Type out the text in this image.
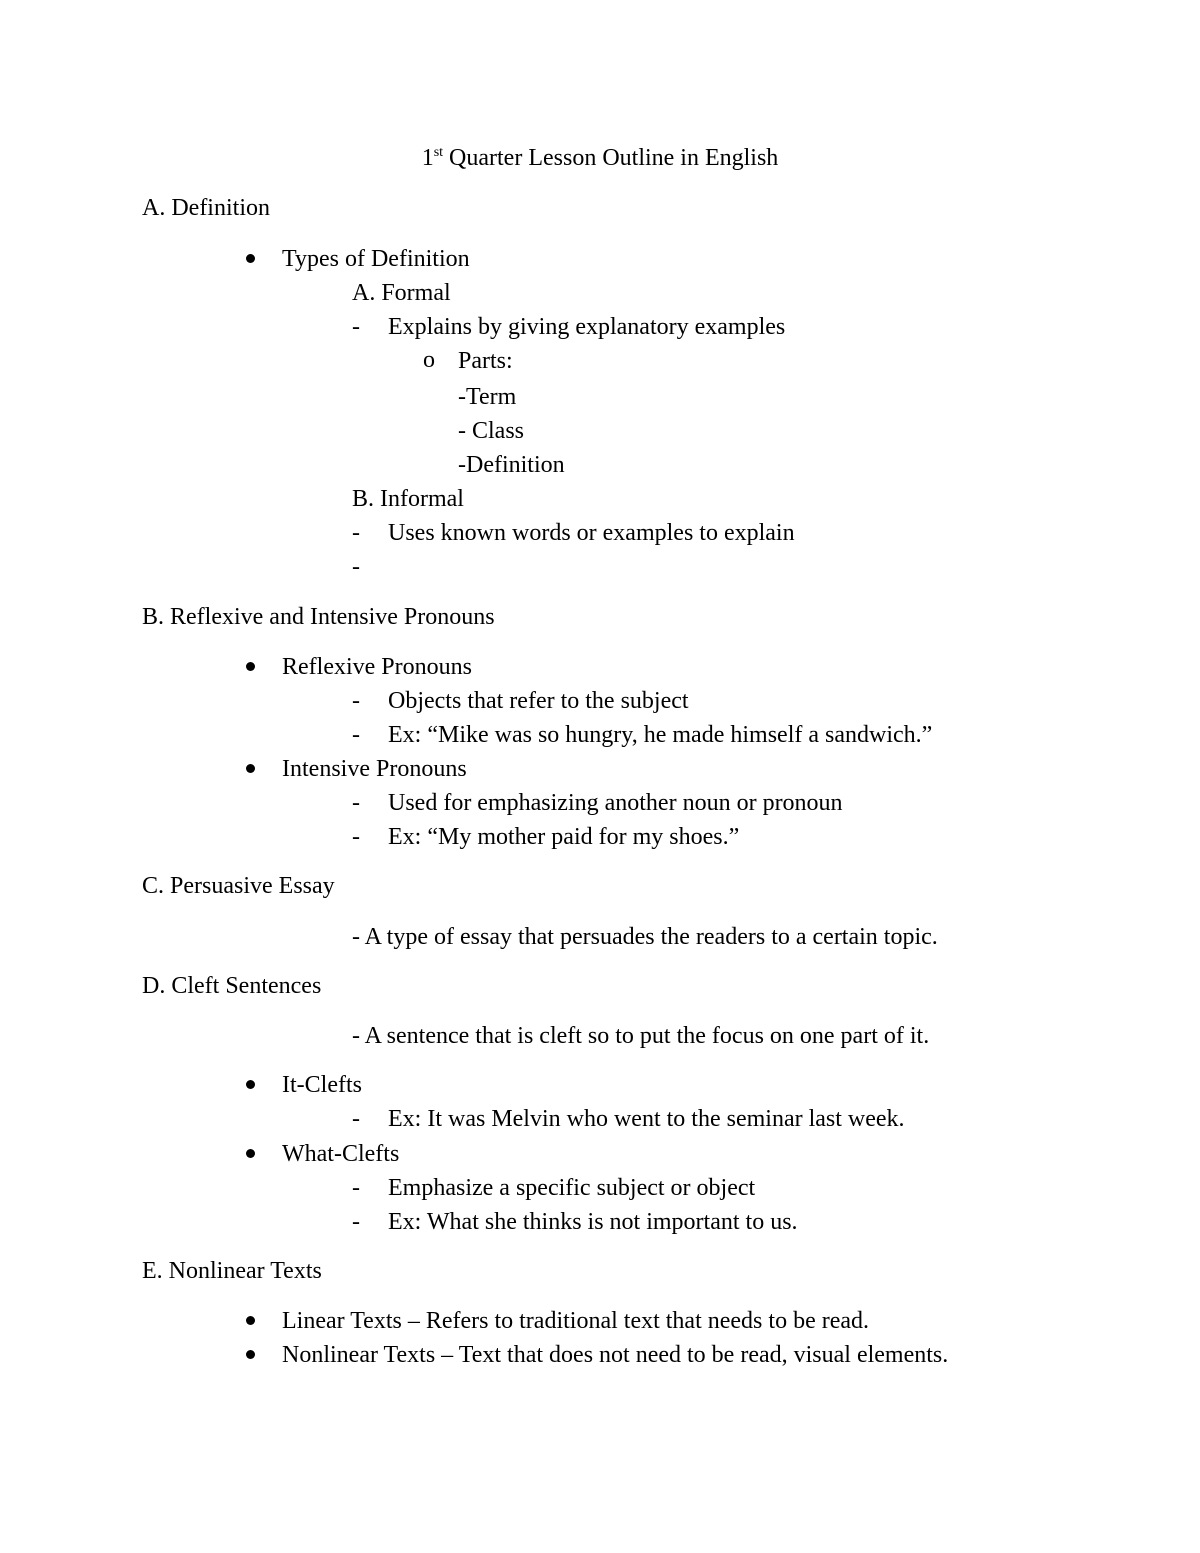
1st Quarter Lesson Outline in English
A. Definition
Types of Definition
A. Formal
- Explains by giving explanatory examples
o Parts:
-Term
- Class
-Definition
B. Informal
- Uses known words or examples to explain
-
B. Reflexive and Intensive Pronouns
Reflexive Pronouns
- Objects that refer to the subject
- Ex: “Mike was so hungry, he made himself a sandwich.”
Intensive Pronouns
- Used for emphasizing another noun or pronoun
- Ex: “My mother paid for my shoes.”
C. Persuasive Essay
- A type of essay that persuades the readers to a certain topic.
D. Cleft Sentences
- A sentence that is cleft so to put the focus on one part of it.
It-Clefts
- Ex: It was Melvin who went to the seminar last week.
What-Clefts
- Emphasize a specific subject or object
- Ex: What she thinks is not important to us.
E. Nonlinear Texts
Linear Texts – Refers to traditional text that needs to be read.
Nonlinear Texts – Text that does not need to be read, visual elements.
